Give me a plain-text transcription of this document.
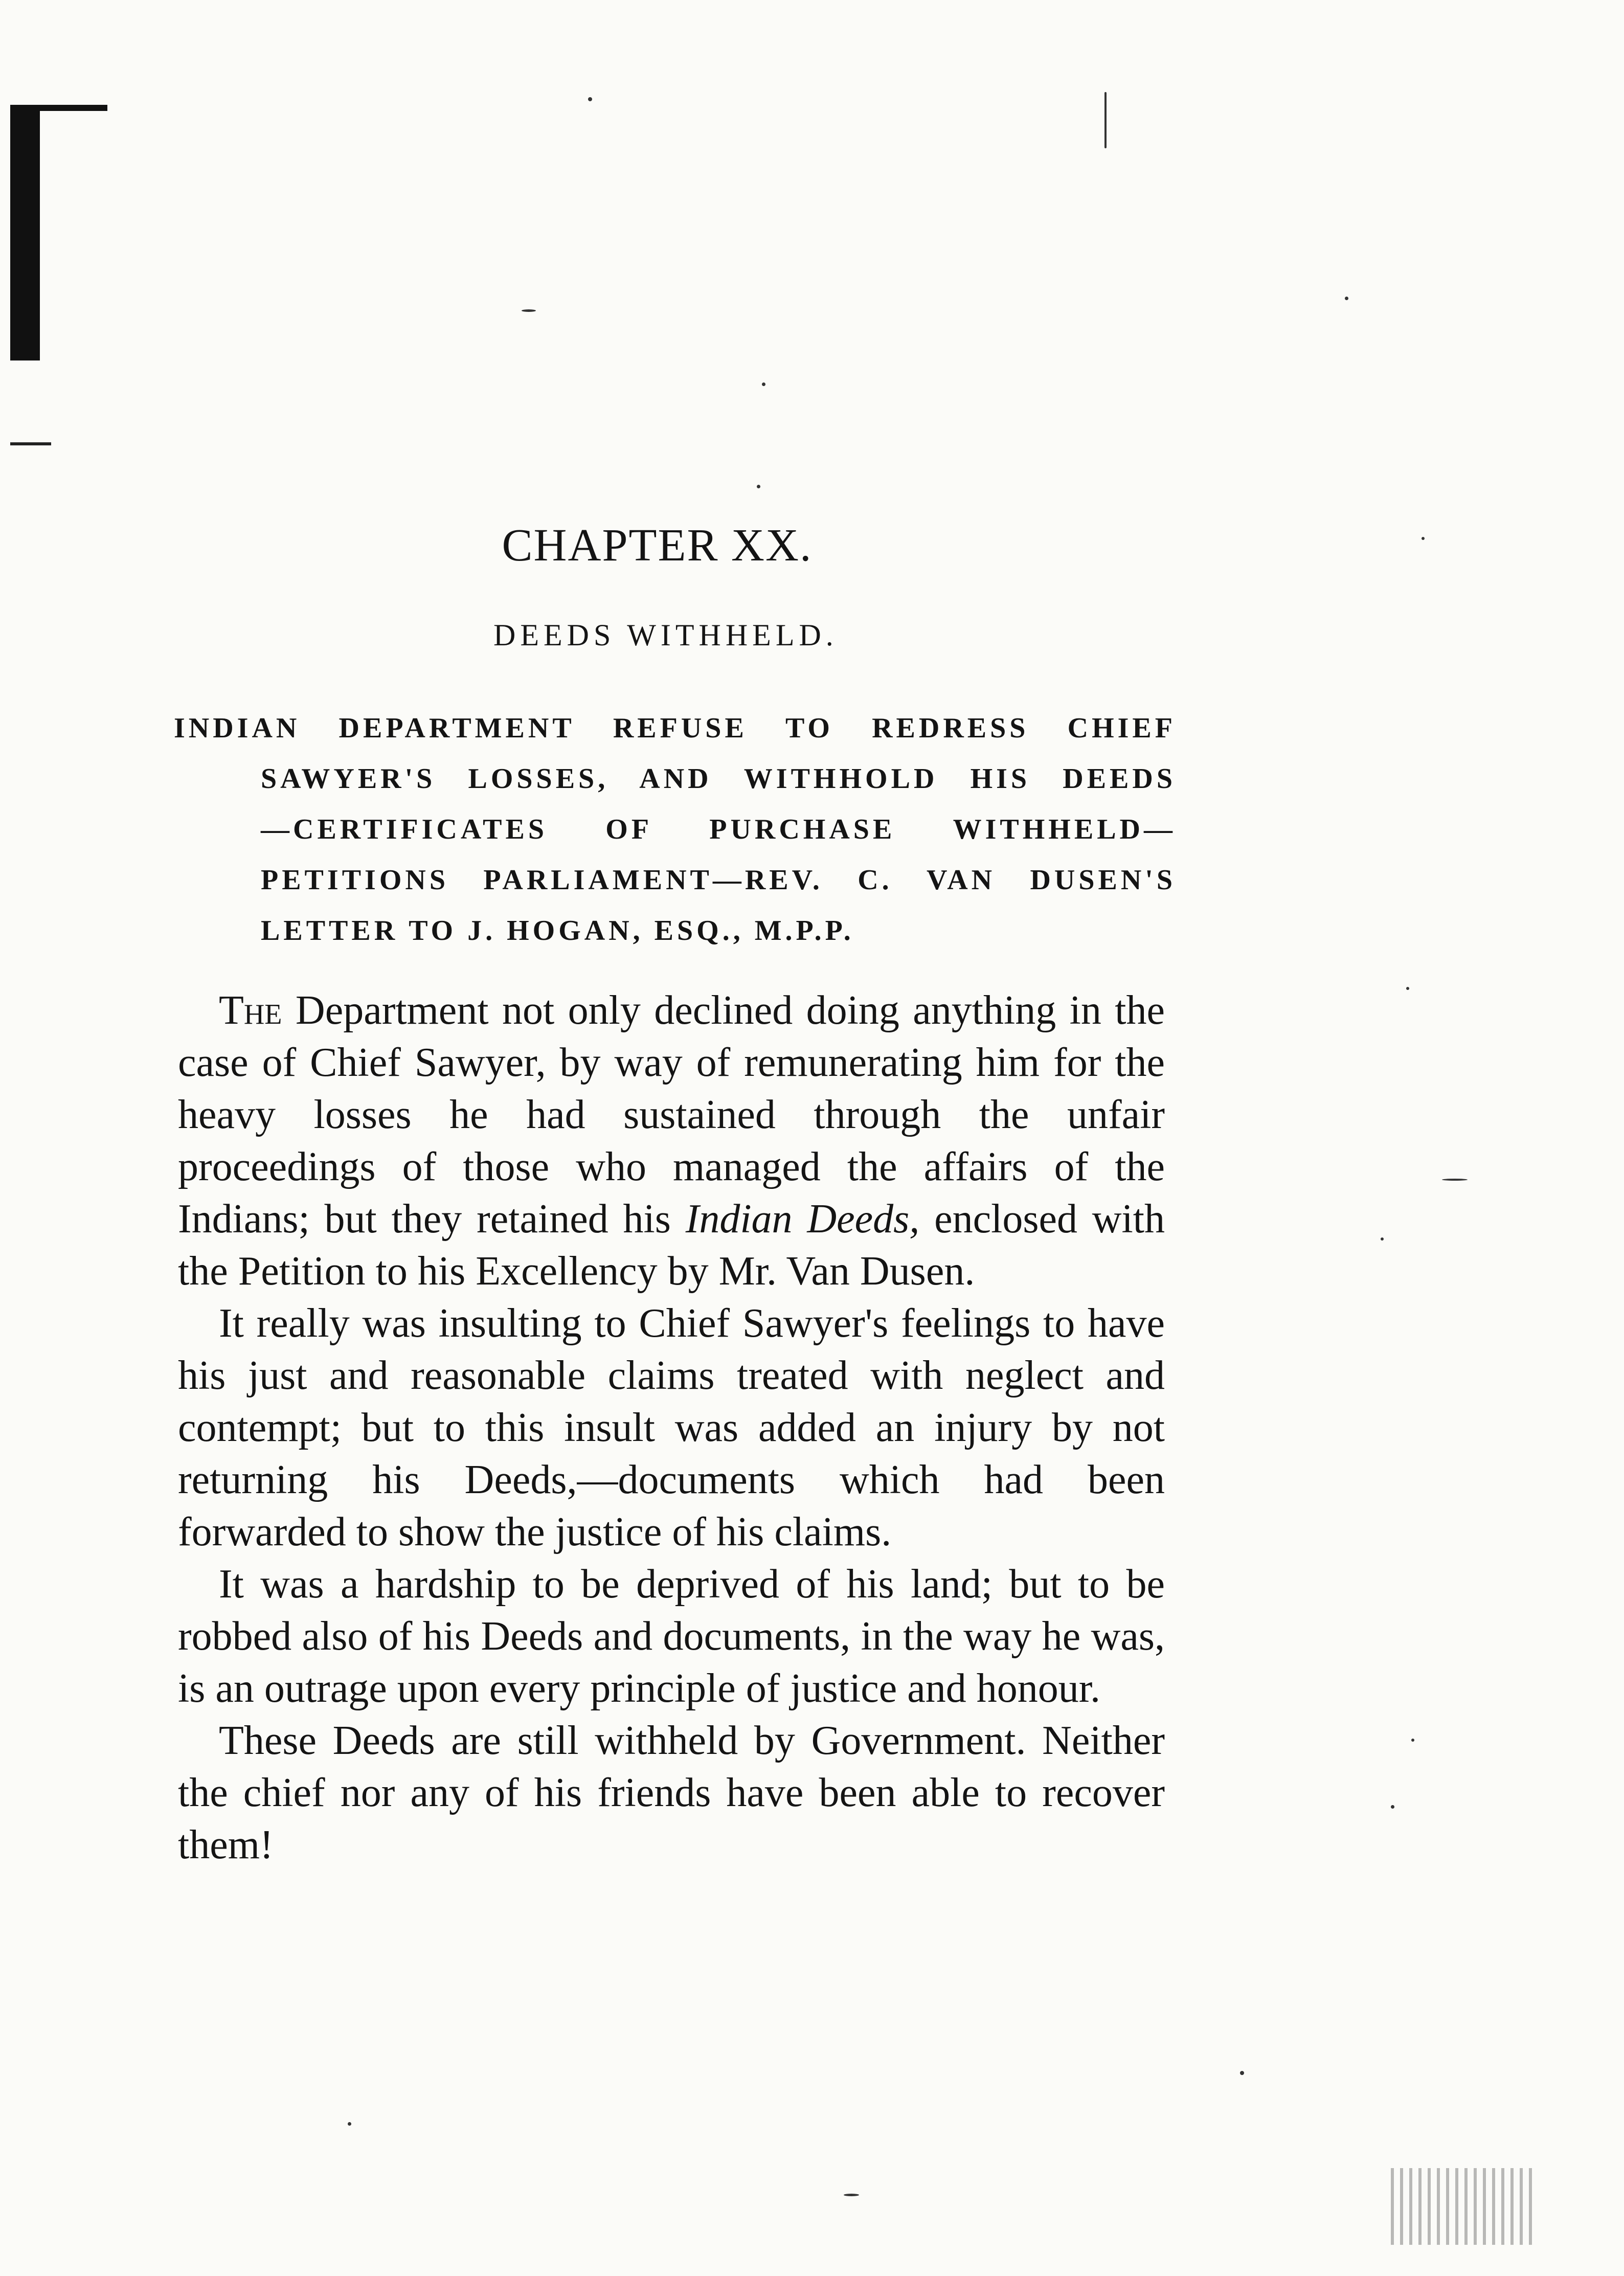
CHAPTER XX.
DEEDS WITHHELD.
INDIAN DEPARTMENT REFUSE TO REDRESS CHIEF
SAWYER'S LOSSES, AND WITHHOLD HIS DEEDS
—CERTIFICATES OF PURCHASE WITHHELD—
PETITIONS PARLIAMENT—REV. C. VAN DUSEN'S
LETTER TO J. HOGAN, ESQ., M.P.P.

The Department not only declined doing anything in the case of Chief Sawyer, by way of remunerating him for the heavy losses he had sustained through the unfair proceedings of those who managed the affairs of the Indians; but they retained his Indian Deeds, enclosed with the Petition to his Excellency by Mr. Van Dusen.

It really was insulting to Chief Sawyer's feelings to have his just and reasonable claims treated with neglect and contempt; but to this insult was added an injury by not returning his Deeds,—documents which had been forwarded to show the justice of his claims.

It was a hardship to be deprived of his land; but to be robbed also of his Deeds and documents, in the way he was, is an outrage upon every principle of justice and honour.

These Deeds are still withheld by Government. Neither the chief nor any of his friends have been able to recover them!
